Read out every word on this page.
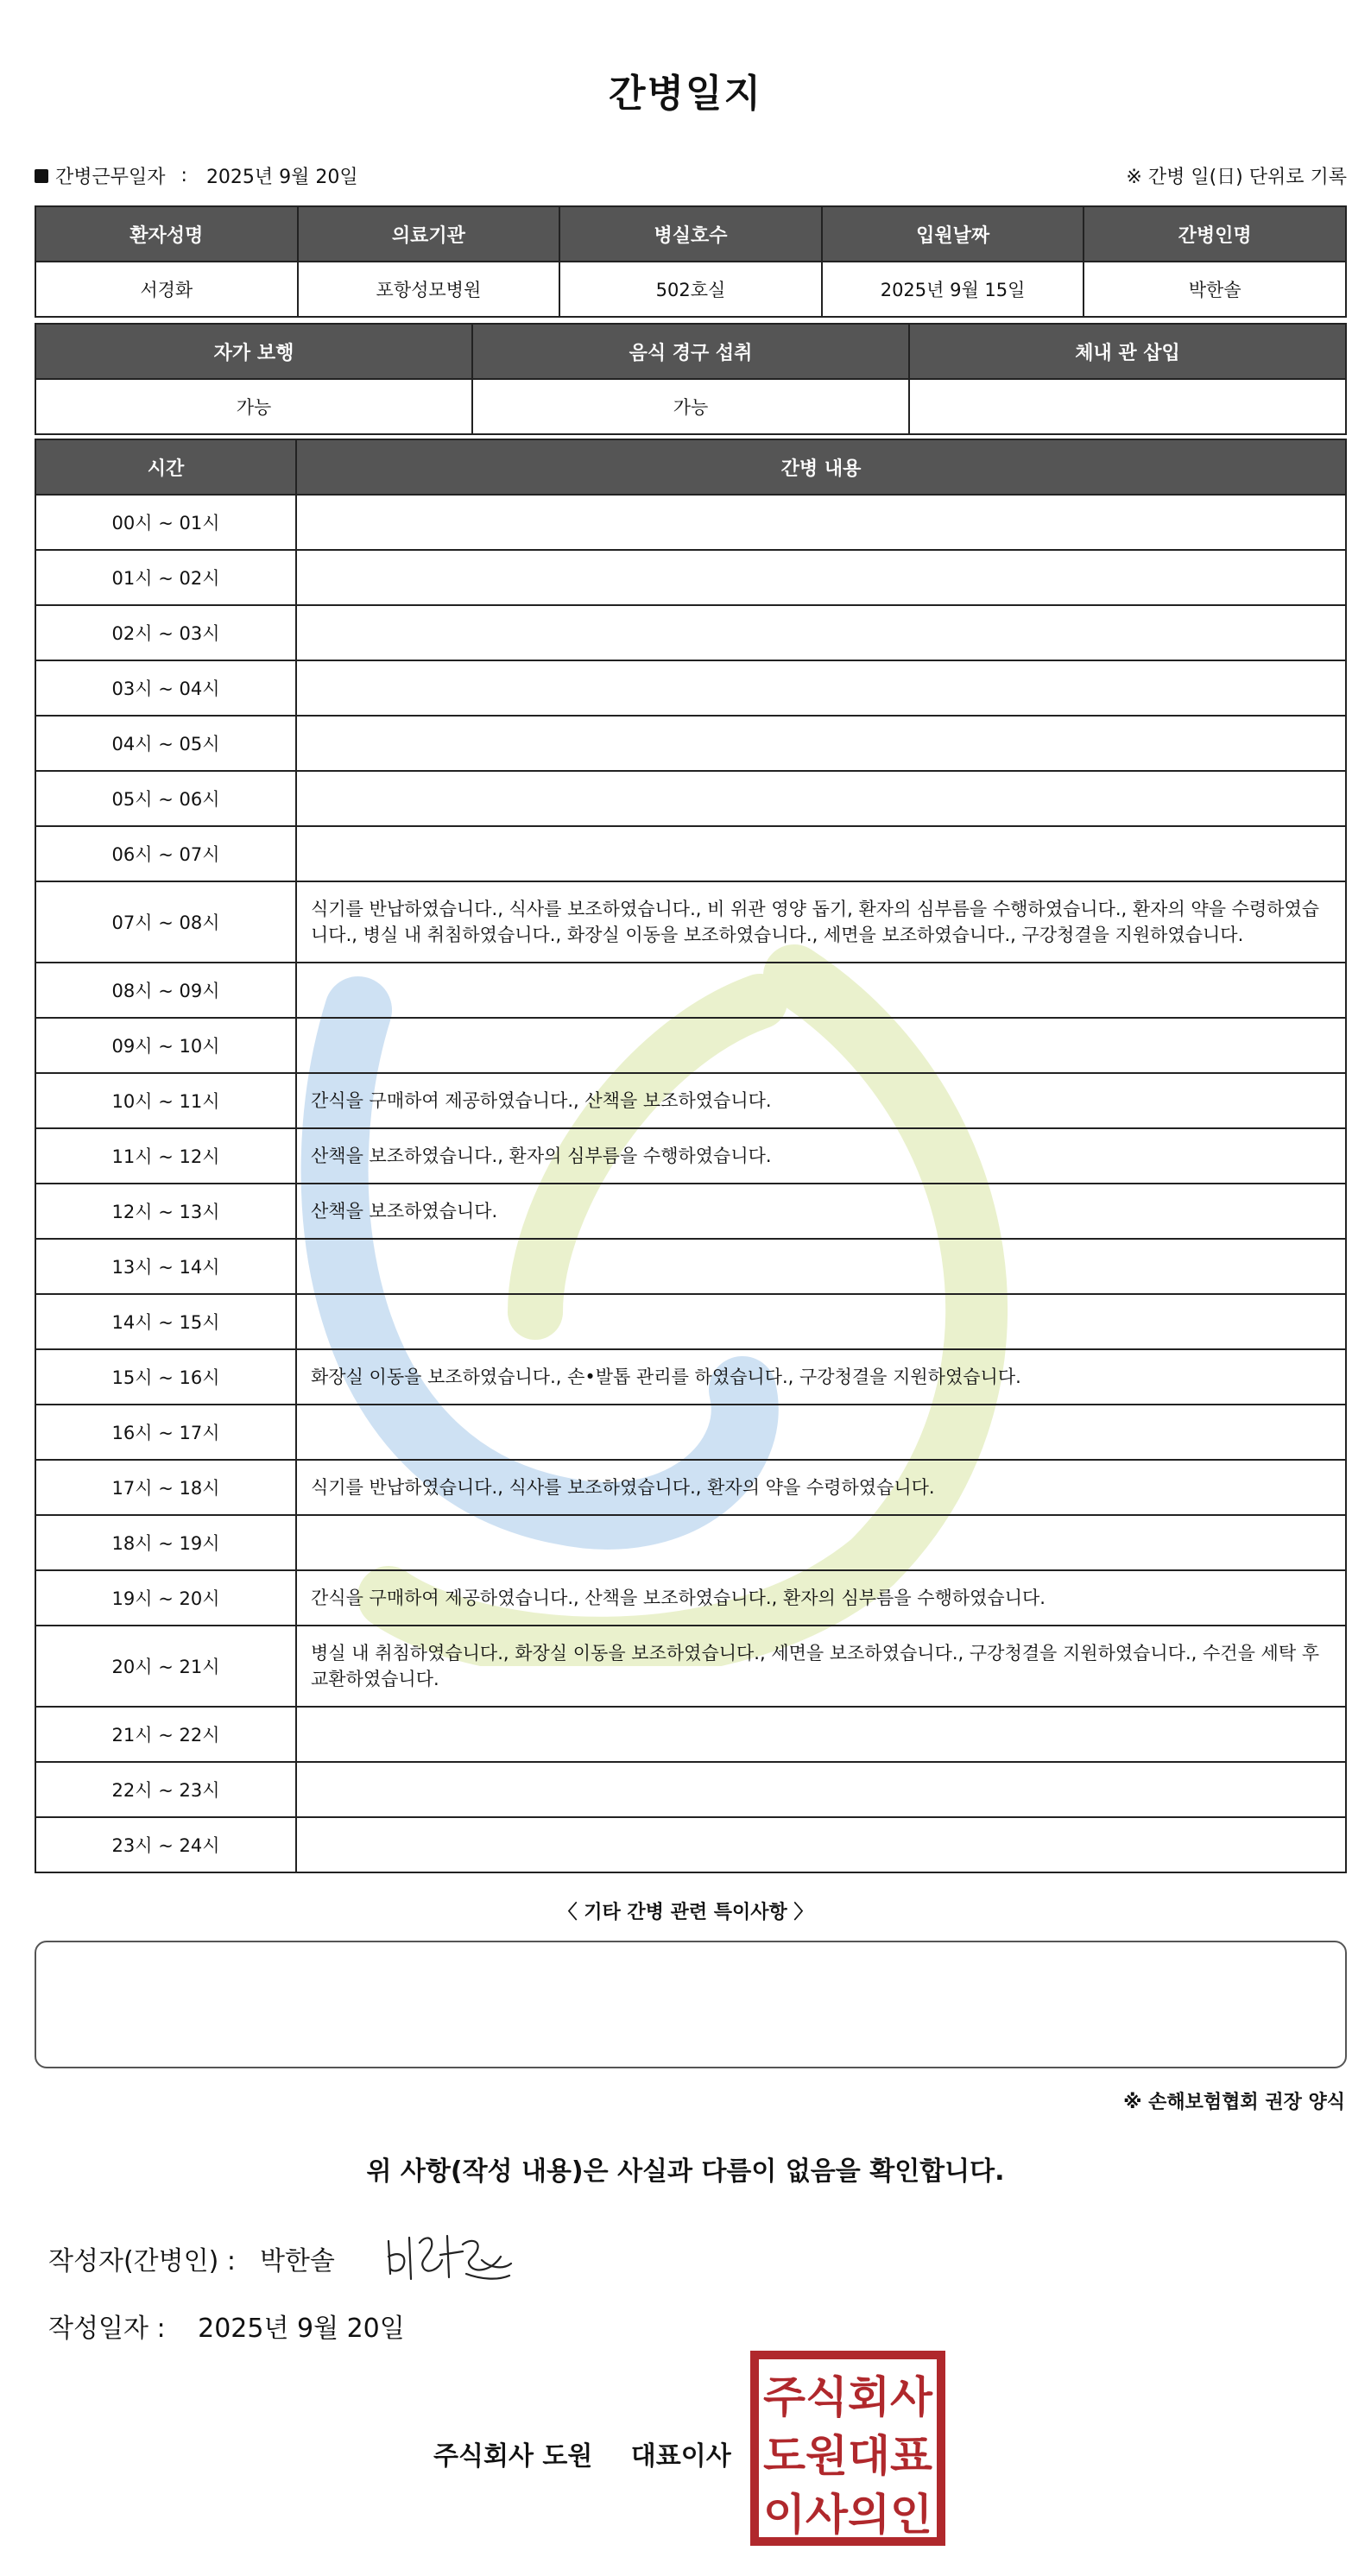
간병일지
간병근무일자 : 2025년 9월 20일	※ 간병 일(日) 단위로 기록
환자성명	의료기관	병실호수	입원날짜	간병인명
서경화	포항성모병원	502호실	2025년 9월 15일	박한솔
자가 보행	음식 경구 섭취	체내 관 삽입
가능	가능	
시간	간병 내용
00시 ~ 01시	
01시 ~ 02시	
02시 ~ 03시	
03시 ~ 04시	
04시 ~ 05시	
05시 ~ 06시	
06시 ~ 07시	
07시 ~ 08시	식기를 반납하였습니다., 식사를 보조하였습니다., 비 위관 영양 돕기, 환자의 심부름을 수행하였습니다., 환자의 약을 수령하였습니다., 병실 내 취침하였습니다., 화장실 이동을 보조하였습니다., 세면을 보조하였습니다., 구강청결을 지원하였습니다.
08시 ~ 09시	
09시 ~ 10시	
10시 ~ 11시	간식을 구매하여 제공하였습니다., 산책을 보조하였습니다.
11시 ~ 12시	산책을 보조하였습니다., 환자의 심부름을 수행하였습니다.
12시 ~ 13시	산책을 보조하였습니다.
13시 ~ 14시	
14시 ~ 15시	
15시 ~ 16시	화장실 이동을 보조하였습니다., 손•발톱 관리를 하였습니다., 구강청결을 지원하였습니다.
16시 ~ 17시	
17시 ~ 18시	식기를 반납하였습니다., 식사를 보조하였습니다., 환자의 약을 수령하였습니다.
18시 ~ 19시	
19시 ~ 20시	간식을 구매하여 제공하였습니다., 산책을 보조하였습니다., 환자의 심부름을 수행하였습니다.
20시 ~ 21시	병실 내 취침하였습니다., 화장실 이동을 보조하였습니다., 세면을 보조하였습니다., 구강청결을 지원하였습니다., 수건을 세탁 후 교환하였습니다.
21시 ~ 22시	
22시 ~ 23시	
23시 ~ 24시	
〈 기타 간병 관련 특이사항 〉
※ 손해보험협회 권장 양식
위 사항(작성 내용)은 사실과 다름이 없음을 확인합니다.
작성자(간병인) : 박한솔
작성일자 : 2025년 9월 20일
주식회사 도원 대표이사
주식회사
도원대표
이사의인
